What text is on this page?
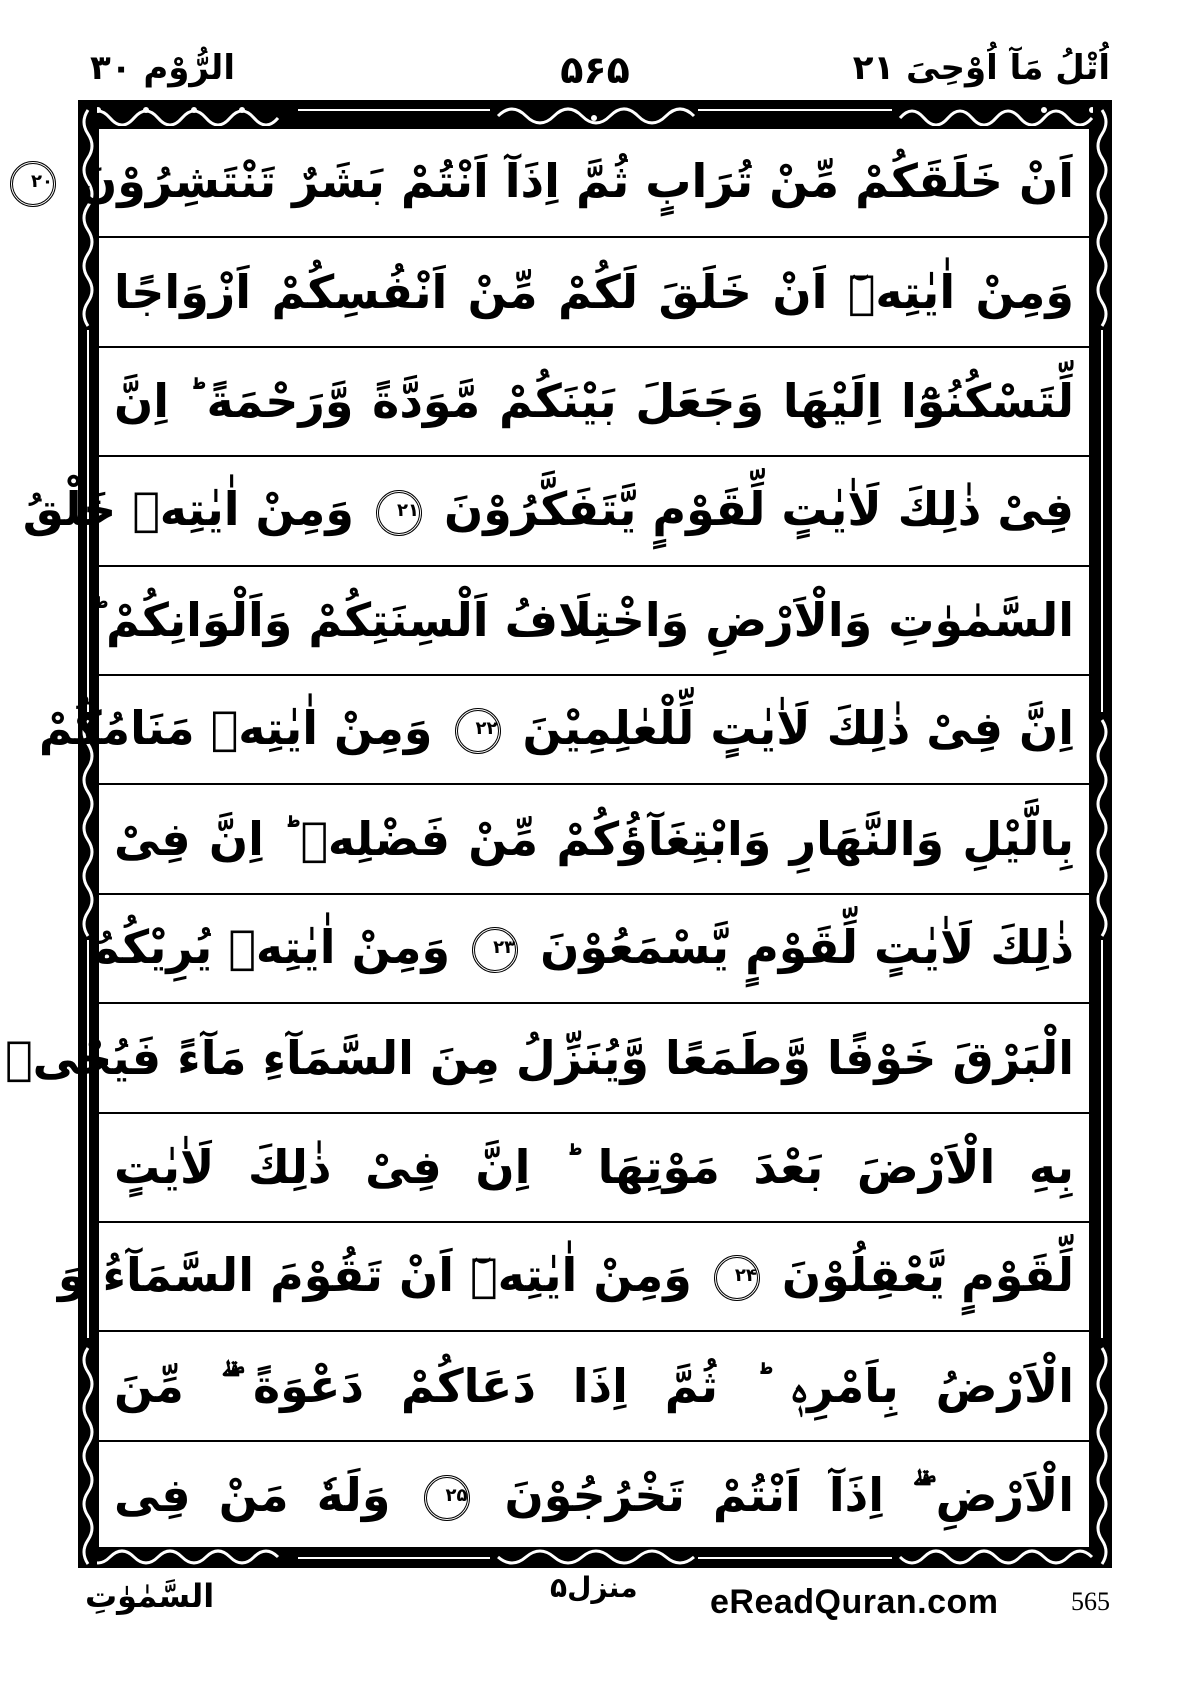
الرُّوْم ۳۰	۵۶۵	اُتْلُ مَآ اُوْحِیَ ۲۱
اَنْ خَلَقَكُمْ مِّنْ تُرَابٍ ثُمَّ اِذَآ اَنْتُمْ بَشَرٌ تَنْتَشِرُوْنَ ۲۰
وَمِنْ اٰيٰتِهٖٓ اَنْ خَلَقَ لَكُمْ مِّنْ اَنْفُسِكُمْ اَزْوَاجًا
لِّتَسْكُنُوْٓا اِلَيْهَا وَجَعَلَ بَيْنَكُمْ مَّوَدَّةً وَّرَحْمَةً ؕ اِنَّ
فِیْ ذٰلِكَ لَاٰيٰتٍ لِّقَوْمٍ يَّتَفَكَّرُوْنَ ۲۱ وَمِنْ اٰيٰتِهٖ خَلْقُ
السَّمٰوٰتِ وَالْاَرْضِ وَاخْتِلَافُ اَلْسِنَتِكُمْ وَاَلْوَانِكُمْ ؕ
اِنَّ فِیْ ذٰلِكَ لَاٰيٰتٍ لِّلْعٰلِمِيْنَ ۲۲ وَمِنْ اٰيٰتِهٖ مَنَامُكُمْ
بِالَّيْلِ وَالنَّهَارِ وَابْتِغَآؤُكُمْ مِّنْ فَضْلِهٖ ؕ اِنَّ فِیْ
ذٰلِكَ لَاٰيٰتٍ لِّقَوْمٍ يَّسْمَعُوْنَ ۲۳ وَمِنْ اٰيٰتِهٖ يُرِيْكُمُ
الْبَرْقَ خَوْفًا وَّطَمَعًا وَّيُنَزِّلُ مِنَ السَّمَآءِ مَآءً فَيُحْیٖ
بِهِ الْاَرْضَ بَعْدَ مَوْتِهَا ؕ اِنَّ فِیْ ذٰلِكَ لَاٰيٰتٍ
لِّقَوْمٍ يَّعْقِلُوْنَ ۲۴ وَمِنْ اٰيٰتِهٖٓ اَنْ تَقُوْمَ السَّمَآءُ وَ
الْاَرْضُ بِاَمْرِهٖ ؕ ثُمَّ اِذَا دَعَاكُمْ دَعْوَةً ۖۗ مِّنَ
الْاَرْضِ ۖۗ اِذَآ اَنْتُمْ تَخْرُجُوْنَ ۲۵ وَلَهٗ مَنْ فِی
السَّمٰوٰتِ	منزل۵ eReadQuran.com	565
